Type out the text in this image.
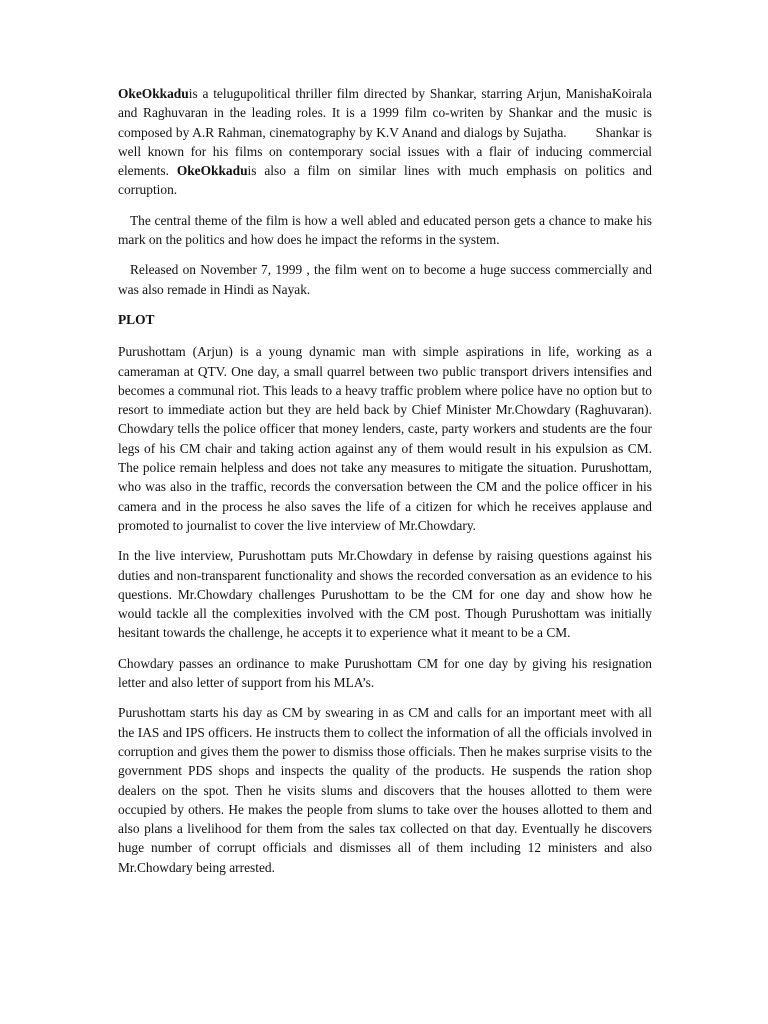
OkeOkkaduis a telugupolitical thriller film directed by Shankar, starring Arjun, ManishaKoirala and Raghuvaran in the leading roles. It is a 1999 film co-writen by Shankar and the music is composed by A.R Rahman, cinematography by K.V Anand and dialogs by Sujatha. Shankar is well known for his films on contemporary social issues with a flair of inducing commercial elements. OkeOkkaduis also a film on similar lines with much emphasis on politics and corruption.

The central theme of the film is how a well abled and educated person gets a chance to make his mark on the politics and how does he impact the reforms in the system.

Released on November 7, 1999 , the film went on to become a huge success commercially and was also remade in Hindi as Nayak.

PLOT

Purushottam (Arjun) is a young dynamic man with simple aspirations in life, working as a cameraman at QTV. One day, a small quarrel between two public transport drivers intensifies and becomes a communal riot. This leads to a heavy traffic problem where police have no option but to resort to immediate action but they are held back by Chief Minister Mr.Chowdary (Raghuvaran). Chowdary tells the police officer that money lenders, caste, party workers and students are the four legs of his CM chair and taking action against any of them would result in his expulsion as CM. The police remain helpless and does not take any measures to mitigate the situation. Purushottam, who was also in the traffic, records the conversation between the CM and the police officer in his camera and in the process he also saves the life of a citizen for which he receives applause and promoted to journalist to cover the live interview of Mr.Chowdary.

In the live interview, Purushottam puts Mr.Chowdary in defense by raising questions against his duties and non-transparent functionality and shows the recorded conversation as an evidence to his questions. Mr.Chowdary challenges Purushottam to be the CM for one day and show how he would tackle all the complexities involved with the CM post. Though Purushottam was initially hesitant towards the challenge, he accepts it to experience what it meant to be a CM.

Chowdary passes an ordinance to make Purushottam CM for one day by giving his resignation letter and also letter of support from his MLA’s.

Purushottam starts his day as CM by swearing in as CM and calls for an important meet with all the IAS and IPS officers. He instructs them to collect the information of all the officials involved in corruption and gives them the power to dismiss those officials. Then he makes surprise visits to the government PDS shops and inspects the quality of the products. He suspends the ration shop dealers on the spot. Then he visits slums and discovers that the houses allotted to them were occupied by others. He makes the people from slums to take over the houses allotted to them and also plans a livelihood for them from the sales tax collected on that day. Eventually he discovers huge number of corrupt officials and dismisses all of them including 12 ministers and also Mr.Chowdary being arrested.
